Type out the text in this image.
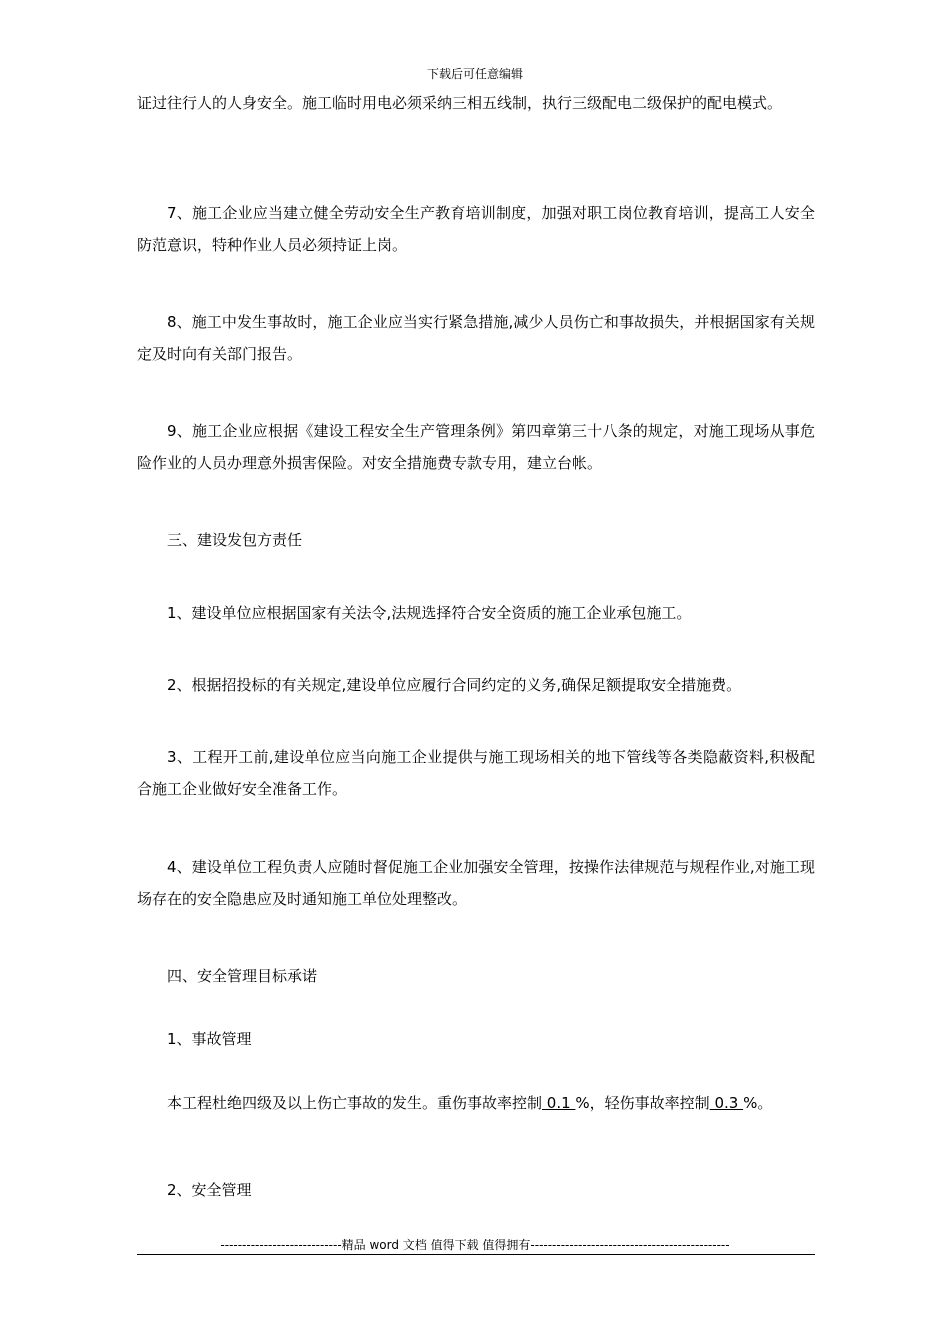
下载后可任意编辑
证过往行人的人身安全。施工临时用电必须采纳三相五线制，执行三级配电二级保护的配电模式。
7、施工企业应当建立健全劳动安全生产教育培训制度，加强对职工岗位教育培训，提高工人安全防范意识，特种作业人员必须持证上岗。
8、施工中发生事故时，施工企业应当实行紧急措施,减少人员伤亡和事故损失，并根据国家有关规定及时向有关部门报告。
9、施工企业应根据《建设工程安全生产管理条例》第四章第三十八条的规定，对施工现场从事危险作业的人员办理意外损害保险。对安全措施费专款专用，建立台帐。
三、建设发包方责任
1、建设单位应根据国家有关法令,法规选择符合安全资质的施工企业承包施工。
2、根据招投标的有关规定,建设单位应履行合同约定的义务,确保足额提取安全措施费。
3、工程开工前,建设单位应当向施工企业提供与施工现场相关的地下管线等各类隐蔽资料,积极配合施工企业做好安全准备工作。
4、建设单位工程负责人应随时督促施工企业加强安全管理，按操作法律规范与规程作业,对施工现场存在的安全隐患应及时通知施工单位处理整改。
四、安全管理目标承诺
1、事故管理
本工程杜绝四级及以上伤亡事故的发生。重伤事故率控制 0.1 %，轻伤事故率控制 0.3 %。
2、安全管理
----------------------------精品 word 文档 值得下载 值得拥有----------------------------------------------
